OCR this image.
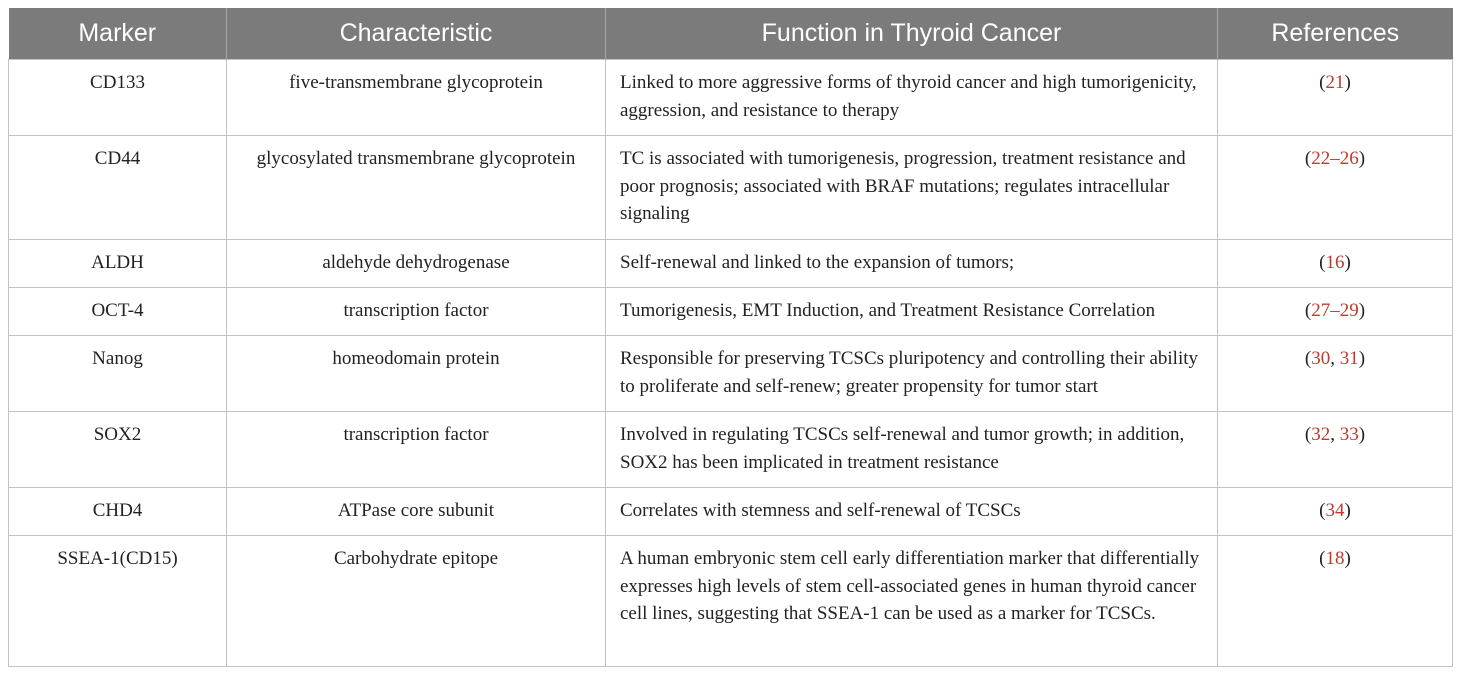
Marker	Characteristic	Function in Thyroid Cancer	References
CD133	five-transmembrane glycoprotein	Linked to more aggressive forms of thyroid cancer and high tumorigenicity, aggression, and resistance to therapy	(21)
CD44	glycosylated transmembrane glycoprotein	TC is associated with tumorigenesis, progression, treatment resistance and poor prognosis; associated with BRAF mutations; regulates intracellular signaling	(22–26)
ALDH	aldehyde dehydrogenase	Self-renewal and linked to the expansion of tumors;	(16)
OCT-4	transcription factor	Tumorigenesis, EMT Induction, and Treatment Resistance Correlation	(27–29)
Nanog	homeodomain protein	Responsible for preserving TCSCs pluripotency and controlling their ability to proliferate and self-renew; greater propensity for tumor start	(30, 31)
SOX2	transcription factor	Involved in regulating TCSCs self-renewal and tumor growth; in addition, SOX2 has been implicated in treatment resistance	(32, 33)
CHD4	ATPase core subunit	Correlates with stemness and self-renewal of TCSCs	(34)
SSEA-1(CD15)	Carbohydrate epitope	A human embryonic stem cell early differentiation marker that differentially expresses high levels of stem cell-associated genes in human thyroid cancer cell lines, suggesting that SSEA-1 can be used as a marker for TCSCs.	(18)
